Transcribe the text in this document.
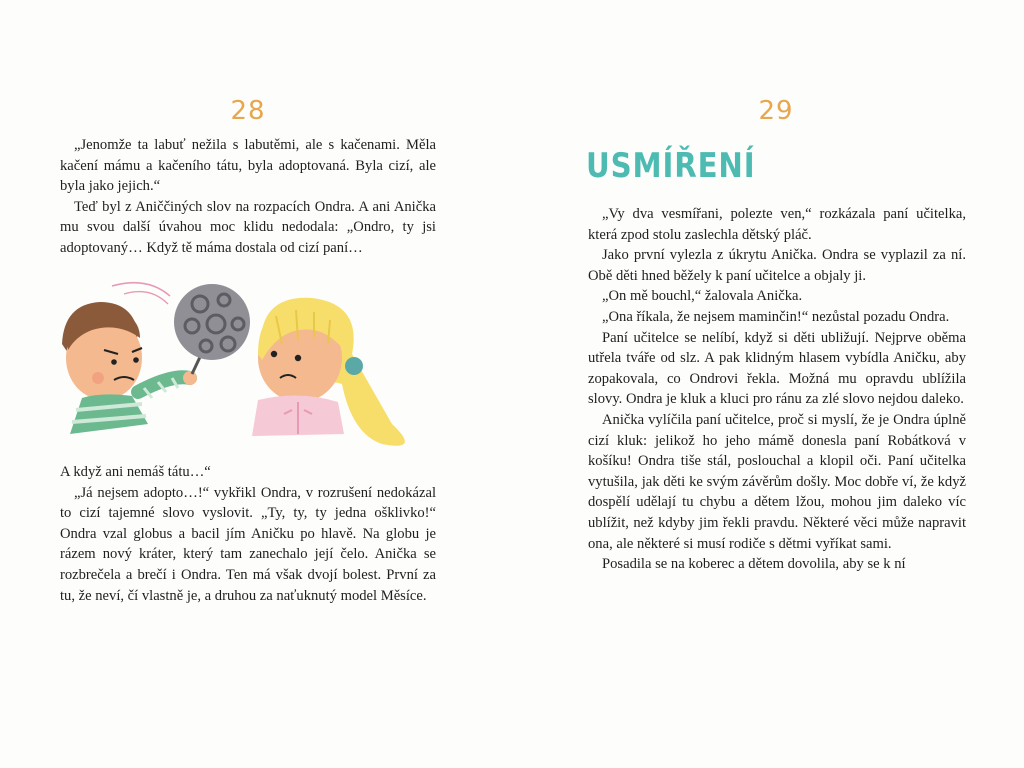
28

„Jenomže ta labuť nežila s labutěmi, ale s kačenami. Měla kačení mámu a kačeního tátu, byla adoptovaná. Byla cizí, ale byla jako jejich.“

Teď byl z Aniččiných slov na rozpacích Ondra. A ani Anička mu svou další úvahou moc klidu nedodala: „Ondro, ty jsi adoptovaný… Když tě máma dostala od cizí paní…

A když ani nemáš tátu…“

„Já nejsem adopto…!“ vykřikl Ondra, v rozrušení nedokázal to cizí tajemné slovo vyslovit. „Ty, ty, ty jedna ošklivko!“ Ondra vzal globus a bacil jím Aničku po hlavě. Na globu je rázem nový kráter, který tam zanechalo její čelo. Anička se rozbrečela a brečí i Ondra. Ten má však dvojí bolest. První za tu, že neví, čí vlastně je, a druhou za naťuknutý model Měsíce.

29
USMÍŘENÍ

„Vy dva vesmířani, polezte ven,“ rozkázala paní učitelka, která zpod stolu zaslechla dětský pláč.

Jako první vylezla z úkrytu Anička. Ondra se vyplazil za ní. Obě děti hned běžely k paní učitelce a objaly ji.

„On mě bouchl,“ žalovala Anička.

„Ona říkala, že nejsem maminčin!“ nezůstal pozadu Ondra.

Paní učitelce se nelíbí, když si děti ubližují. Nejprve oběma utřela tváře od slz. A pak klidným hlasem vybídla Aničku, aby zopakovala, co Ondrovi řekla. Možná mu opravdu ublížila slovy. Ondra je kluk a kluci pro ránu za zlé slovo nejdou daleko.

Anička vylíčila paní učitelce, proč si myslí, že je Ondra úplně cizí kluk: jelikož ho jeho mámě donesla paní Robátková v košíku! Ondra tiše stál, poslouchal a klopil oči. Paní učitelka vytušila, jak děti ke svým závěrům došly. Moc dobře ví, že když dospělí udělají tu chybu a dětem lžou, mohou jim daleko víc ublížit, než kdyby jim řekli pravdu. Některé věci může napravit ona, ale některé si musí rodiče s dětmi vyříkat sami.

Posadila se na koberec a dětem dovolila, aby se k ní
